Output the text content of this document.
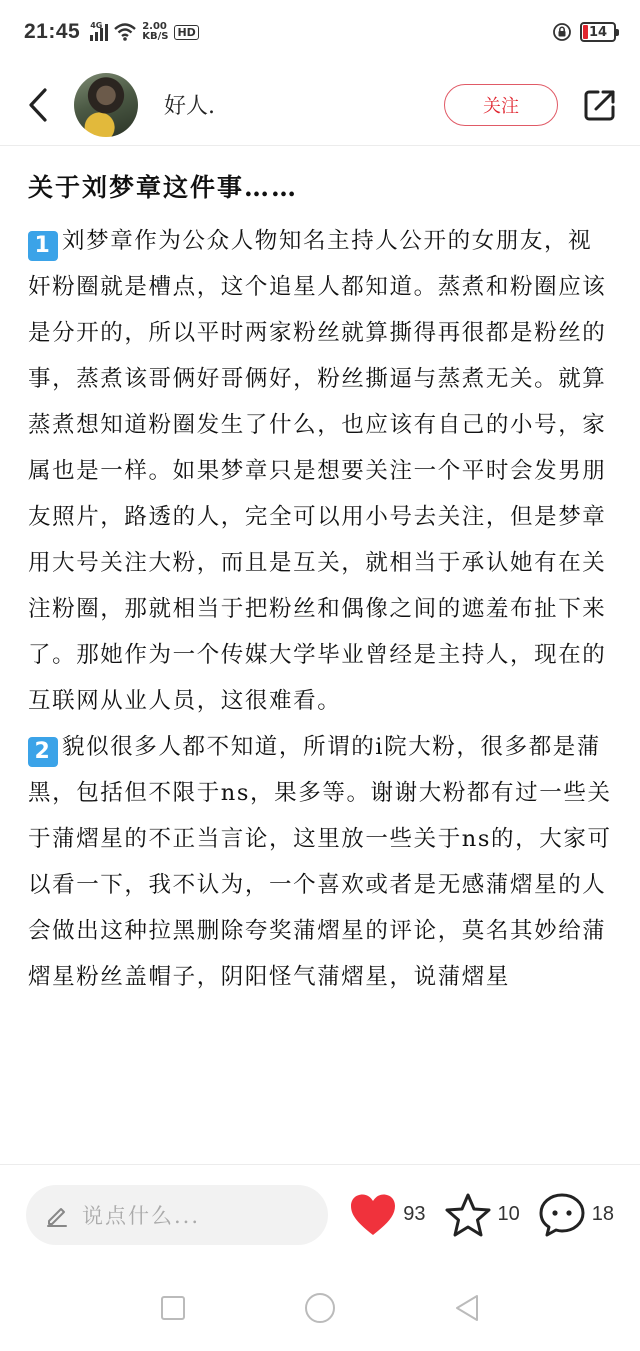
21:45 4G	2.00
KB/S HD	14
好人.	关注
关于刘梦章这件事……

1 刘梦章作为公众人物知名主持人公开的女朋友，视奸粉圈就是槽点，这个追星人都知道。蒸煮和粉圈应该是分开的，所以平时两家粉丝就算撕得再很都是粉丝的事，蒸煮该哥俩好哥俩好，粉丝撕逼与蒸煮无关。就算蒸煮想知道粉圈发生了什么，也应该有自己的小号，家属也是一样。如果梦章只是想要关注一个平时会发男朋友照片，路透的人，完全可以用小号去关注，但是梦章用大号关注大粉，而且是互关，就相当于承认她有在关注粉圈，那就相当于把粉丝和偶像之间的遮羞布扯下来了。那她作为一个传媒大学毕业曾经是主持人，现在的互联网从业人员，这很难看。

2 貌似很多人都不知道，所谓的i院大粉，很多都是蒲黑，包括但不限于ns，果多等。谢谢大粉都有过一些关于蒲熠星的不正当言论，这里放一些关于ns的，大家可以看一下，我不认为，一个喜欢或者是无感蒲熠星的人会做出这种拉黑删除夸奖蒲熠星的评论，莫名其妙给蒲熠星粉丝盖帽子，阴阳怪气蒲熠星，说蒲熠星

说点什么...	93	10	18
